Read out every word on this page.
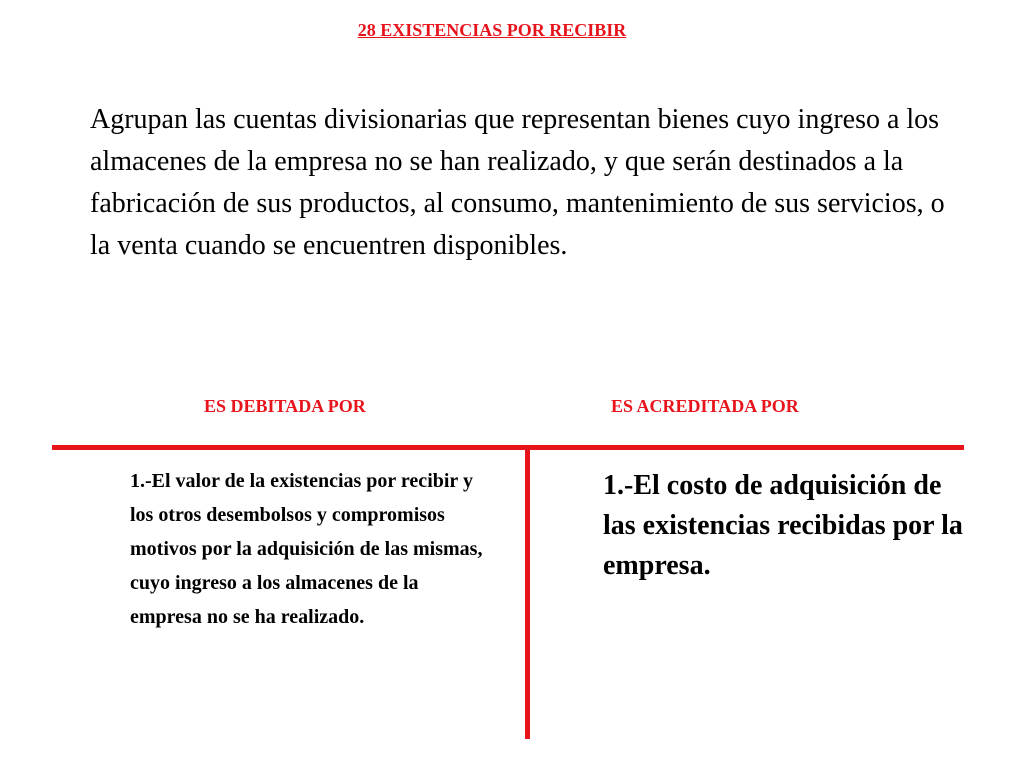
28 EXISTENCIAS POR RECIBIR

Agrupan las cuentas divisionarias que representan bienes cuyo ingreso a los almacenes de la empresa no se han realizado, y que serán destinados a la fabricación de sus productos, al consumo, mantenimiento de sus servicios, o la venta cuando se encuentren disponibles.

ES DEBITADA POR	ES ACREDITADA POR

1.-El valor de la existencias por recibir y los otros desembolsos y compromisos motivos por la adquisición de las mismas, cuyo ingreso a los almacenes de la empresa no se ha realizado.

1.-El costo de adquisición de las existencias recibidas por la empresa.
